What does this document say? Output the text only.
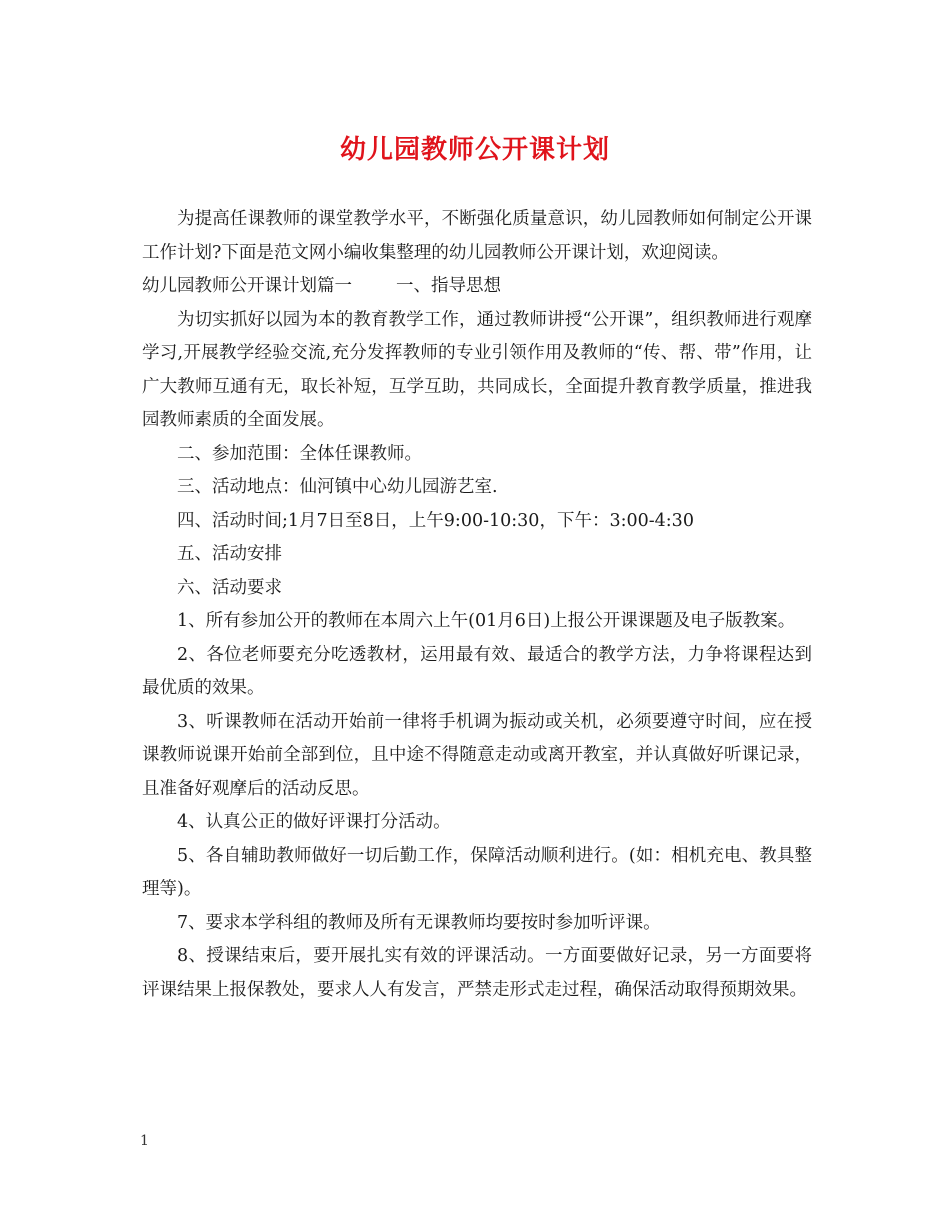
幼儿园教师公开课计划

为提高任课教师的课堂教学水平，不断强化质量意识，幼儿园教师如何制定公开课工作计划?下面是范文网小编收集整理的幼儿园教师公开课计划，欢迎阅读。

幼儿园教师公开课计划篇一	一、指导思想

为切实抓好以园为本的教育教学工作，通过教师讲授“公开课”，组织教师进行观摩学习,开展教学经验交流,充分发挥教师的专业引领作用及教师的“传、帮、带”作用，让广大教师互通有无，取长补短，互学互助，共同成长，全面提升教育教学质量，推进我园教师素质的全面发展。

二、参加范围：全体任课教师。

三、活动地点：仙河镇中心幼儿园游艺室.

四、活动时间;1月7日至8日，上午9:00-10:30，下午：3:00-4:30

五、活动安排

六、活动要求

1、所有参加公开的教师在本周六上午(01月6日)上报公开课课题及电子版教案。

2、各位老师要充分吃透教材，运用最有效、最适合的教学方法，力争将课程达到最优质的效果。

3、听课教师在活动开始前一律将手机调为振动或关机，必须要遵守时间，应在授课教师说课开始前全部到位，且中途不得随意走动或离开教室，并认真做好听课记录，且准备好观摩后的活动反思。

4、认真公正的做好评课打分活动。

5、各自辅助教师做好一切后勤工作，保障活动顺利进行。(如：相机充电、教具整理等)。

7、要求本学科组的教师及所有无课教师均要按时参加听评课。

8、授课结束后，要开展扎实有效的评课活动。一方面要做好记录，另一方面要将评课结果上报保教处，要求人人有发言，严禁走形式走过程，确保活动取得预期效果。

1
